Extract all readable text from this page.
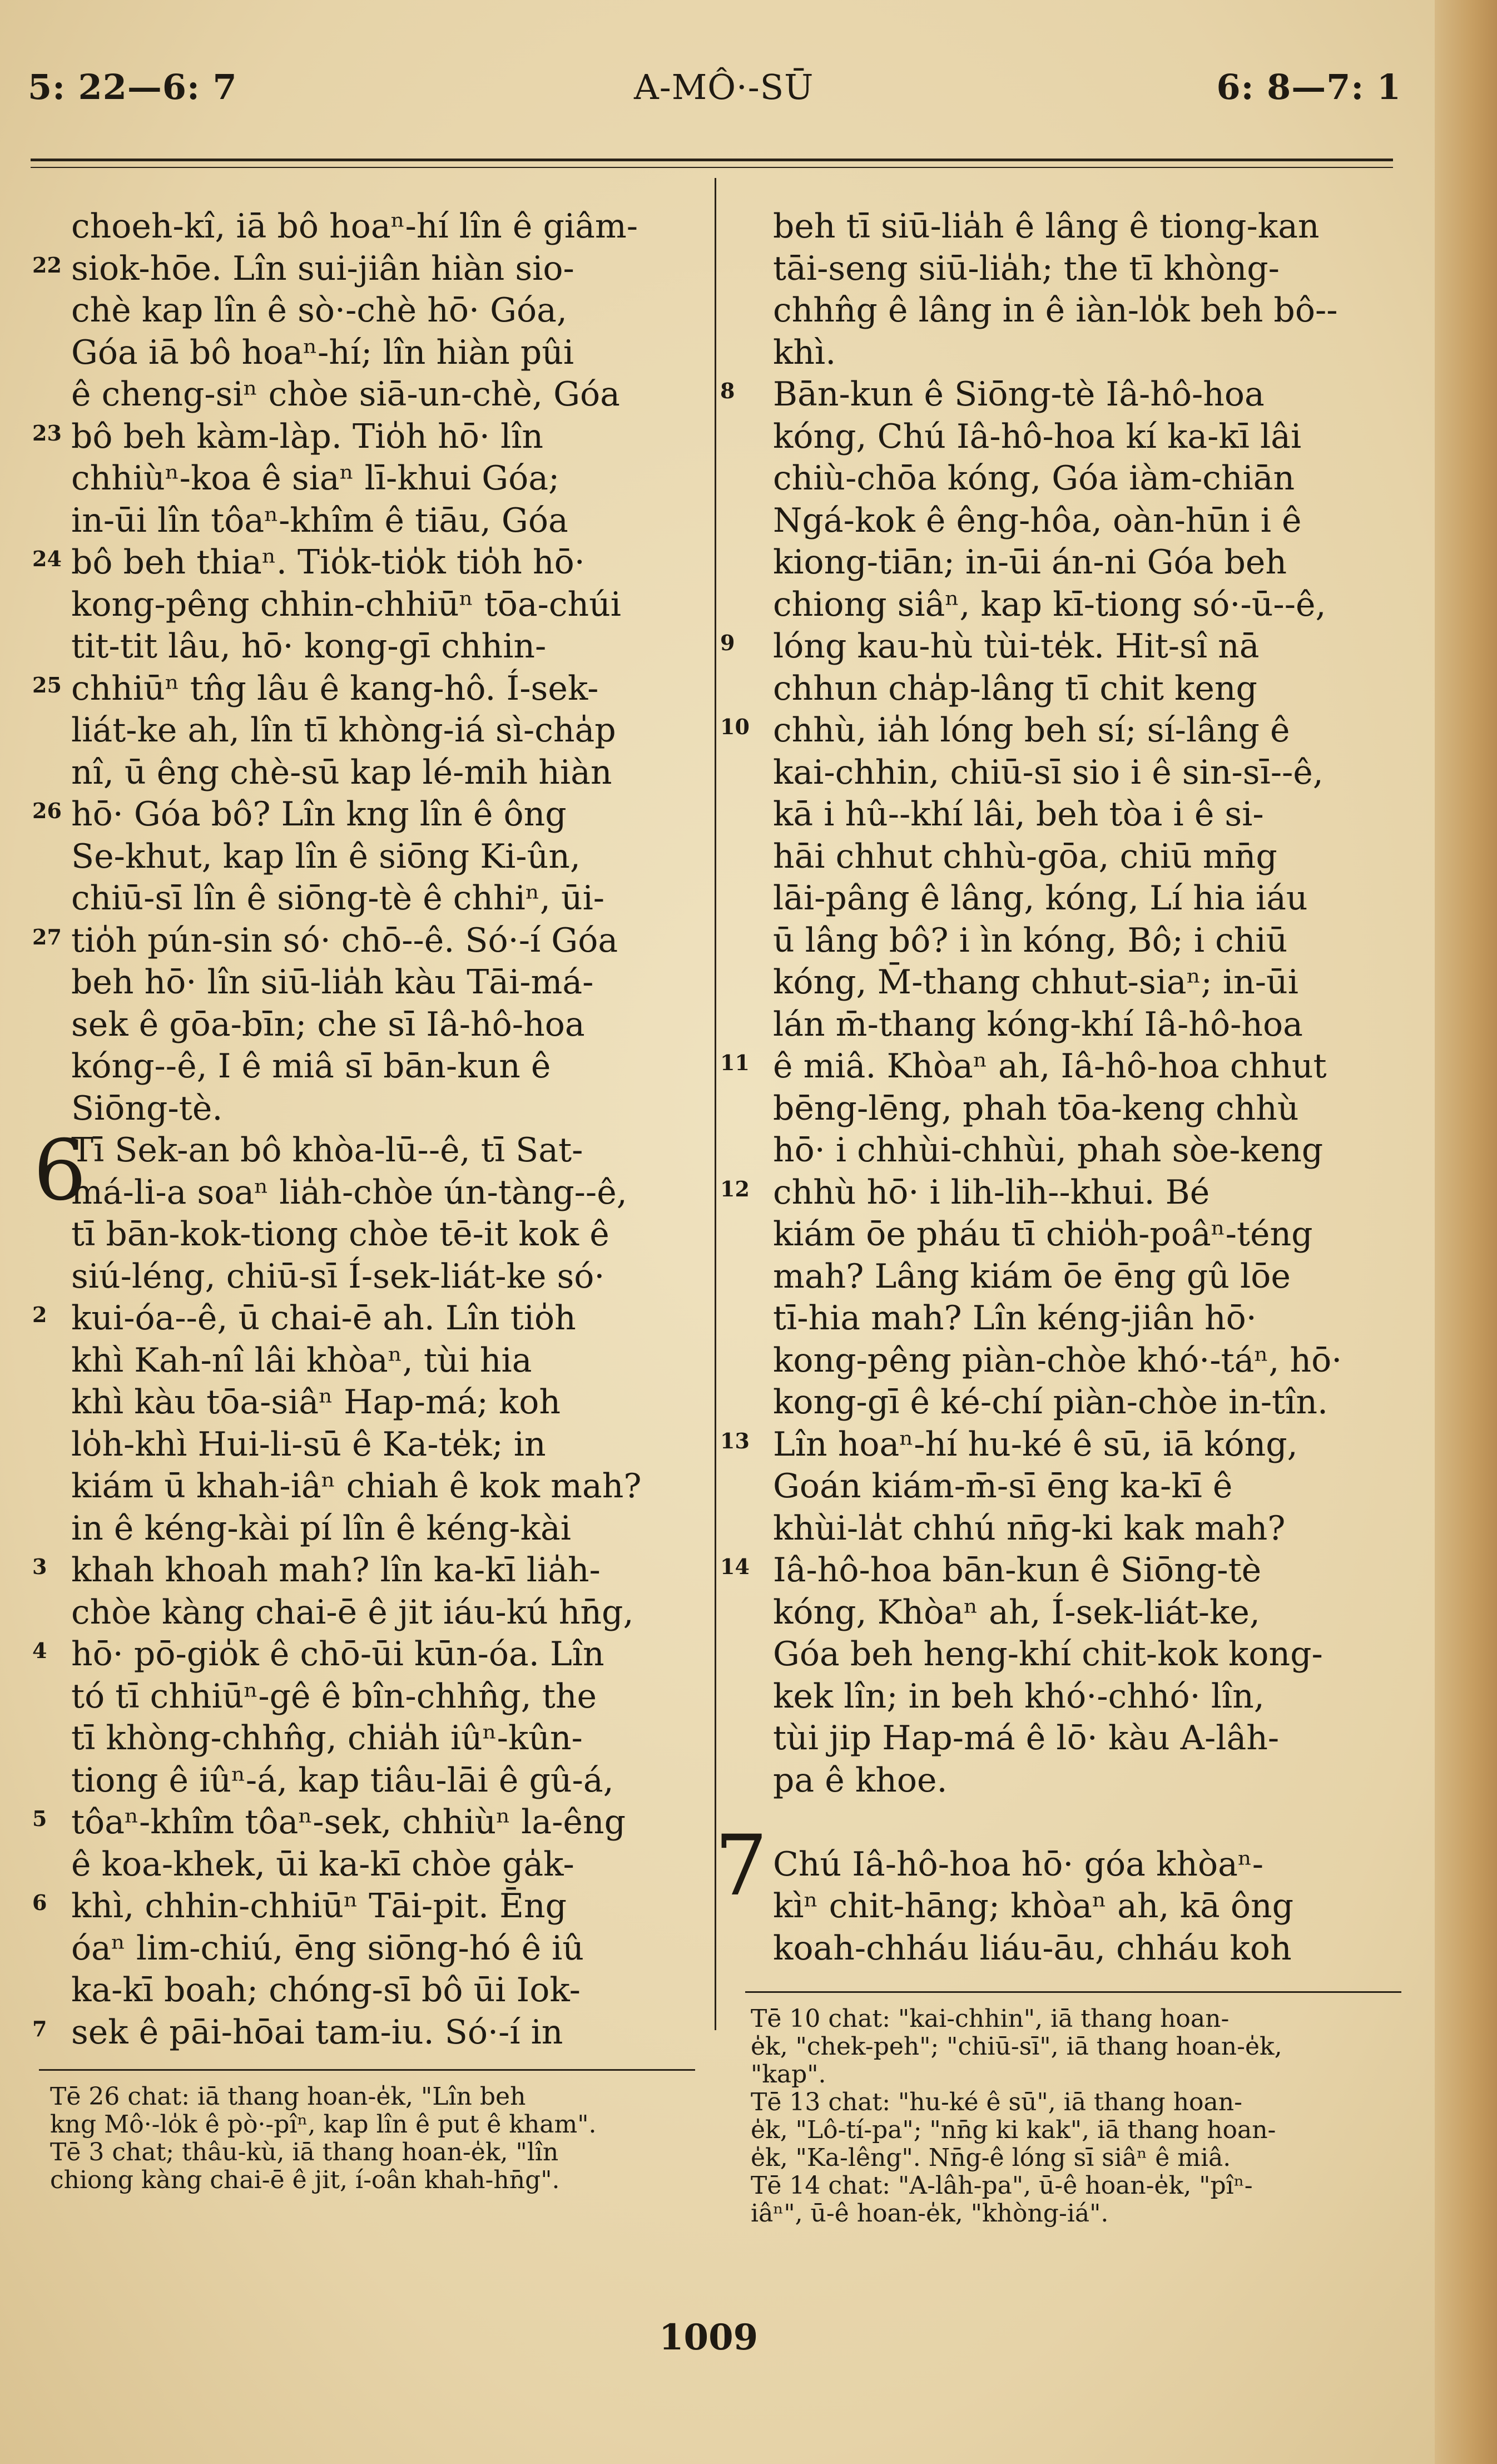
5: 22—6: 7	A-MÔ·-SŪ	6: 8—7: 1
choeh-kî, iā bô hoaⁿ-hí lîn ê giâm-
siok-hōe. Lîn sui-jiân hiàn sio-
chè kap lîn ê sò·-chè hō· Góa,
Góa iā bô hoaⁿ-hí; lîn hiàn pûi
ê cheng-siⁿ chòe siā-un-chè, Góa
bô beh kàm-làp. Tio̍h hō· lîn
chhiùⁿ-koa ê siaⁿ lī-khui Góa;
in-ūi lîn tôaⁿ-khîm ê tiāu, Góa
bô beh thiaⁿ. Tio̍k-tio̍k tio̍h hō·
kong-pêng chhin-chhiūⁿ tōa-chúi
tit-tit lâu, hō· kong-gī chhin-
chhiūⁿ tn̂g lâu ê kang-hô. Í-sek-
liát-ke ah, lîn tī khòng-iá sì-cha̍p
nî, ū êng chè-sū kap lé-mih hiàn
hō· Góa bô? Lîn kng lîn ê ông
Se-khut, kap lîn ê siōng Ki-ûn,
chiū-sī lîn ê siōng-tè ê chhiⁿ, ūi-
tio̍h pún-sin só· chō--ê. Só·-í Góa
beh hō· lîn siū-lia̍h kàu Tāi-má-
sek ê gōa-bīn; che sī Iâ-hô-hoa
kóng--ê, I ê miâ sī bān-kun ê
Siōng-tè.
Tī Sek-an bô khòa-lū--ê, tī Sat-
má-li-a soaⁿ lia̍h-chòe ún-tàng--ê,
tī bān-kok-tiong chòe tē-it kok ê
siú-léng, chiū-sī Í-sek-liát-ke só·
kui-óa--ê, ū chai-ē ah. Lîn tio̍h
khì Kah-nî lâi khòaⁿ, tùi hia
khì kàu tōa-siâⁿ Hap-má; koh
lo̍h-khì Hui-li-sū ê Ka-te̍k; in
kiám ū khah-iâⁿ chiah ê kok mah?
in ê kéng-kài pí lîn ê kéng-kài
khah khoah mah? lîn ka-kī lia̍h-
chòe kàng chai-ē ê jit iáu-kú hn̄g,
hō· pō-gio̍k ê chō-ūi kūn-óa. Lîn
tó tī chhiūⁿ-gê ê bîn-chhn̂g, the
tī khòng-chhn̂g, chia̍h iûⁿ-kûn-
tiong ê iûⁿ-á, kap tiâu-lāi ê gû-á,
tôaⁿ-khîm tôaⁿ-sek, chhiùⁿ la-êng
ê koa-khek, ūi ka-kī chòe ga̍k-
khì, chhin-chhiūⁿ Tāi-pit. Ēng
óaⁿ lim-chiú, ēng siōng-hó ê iû
ka-kī boah; chóng-sī bô ūi Iok-
sek ê pāi-hōai tam-iu. Só·-í in
beh tī siū-lia̍h ê lâng ê tiong-kan
tāi-seng siū-lia̍h; the tī khòng-
chhn̂g ê lâng in ê iàn-lo̍k beh bô--
khì.
Bān-kun ê Siōng-tè Iâ-hô-hoa
kóng, Chú Iâ-hô-hoa kí ka-kī lâi
chiù-chōa kóng, Góa iàm-chiān
Ngá-kok ê êng-hôa, oàn-hūn i ê
kiong-tiān; in-ūi án-ni Góa beh
chiong siâⁿ, kap kī-tiong só·-ū--ê,
lóng kau-hù tùi-te̍k. Hit-sî nā
chhun cha̍p-lâng tī chit keng
chhù, ia̍h lóng beh sí; sí-lâng ê
kai-chhin, chiū-sī sio i ê sin-sī--ê,
kā i hû--khí lâi, beh tòa i ê si-
hāi chhut chhù-gōa, chiū mn̄g
lāi-pâng ê lâng, kóng, Lí hia iáu
ū lâng bô? i ìn kóng, Bô; i chiū
kóng, M̄-thang chhut-siaⁿ; in-ūi
lán m̄-thang kóng-khí Iâ-hô-hoa
ê miâ. Khòaⁿ ah, Iâ-hô-hoa chhut
bēng-lēng, phah tōa-keng chhù
hō· i chhùi-chhùi, phah sòe-keng
chhù hō· i lih-lih--khui. Bé
kiám ōe pháu tī chio̍h-poâⁿ-téng
mah? Lâng kiám ōe ēng gû lōe
tī-hia mah? Lîn kéng-jiân hō·
kong-pêng piàn-chòe khó·-táⁿ, hō·
kong-gī ê ké-chí piàn-chòe in-tîn.
Lîn hoaⁿ-hí hu-ké ê sū, iā kóng,
Goán kiám-m̄-sī ēng ka-kī ê
khùi-la̍t chhú nn̄g-ki kak mah?
Iâ-hô-hoa bān-kun ê Siōng-tè
kóng, Khòaⁿ ah, Í-sek-liát-ke,
Góa beh heng-khí chit-kok kong-
kek lîn; in beh khó·-chhó· lîn,
tùi jip Hap-má ê lō· kàu A-lâh-
pa ê khoe.
Chú Iâ-hô-hoa hō· góa khòaⁿ-
kìⁿ chit-hāng; khòaⁿ ah, kā ông
koah-chháu liáu-āu, chháu koh
22
23
24
25
26
27
2
3
4
5
6
7
8
9
10
11
12
13
14
6
7
Tē 26 chat: iā thang hoan-e̍k, "Lîn beh
kng Mô·-lo̍k ê pò·-pîⁿ, kap lîn ê put ê kham".
Tē 3 chat; thâu-kù, iā thang hoan-e̍k, "lîn
chiong kàng chai-ē ê jit, í-oân khah-hn̄g".
Tē 10 chat: "kai-chhin", iā thang hoan-
e̍k, "chek-peh"; "chiū-sī", iā thang hoan-e̍k,
"kap".
Tē 13 chat: "hu-ké ê sū", iā thang hoan-
e̍k, "Lô-tí-pa"; "nn̄g ki kak", iā thang hoan-
e̍k, "Ka-lêng". Nn̄g-ê lóng sī siâⁿ ê miâ.
Tē 14 chat: "A-lâh-pa", ū-ê hoan-e̍k, "pîⁿ-
iâⁿ", ū-ê hoan-e̍k, "khòng-iá".
1009
